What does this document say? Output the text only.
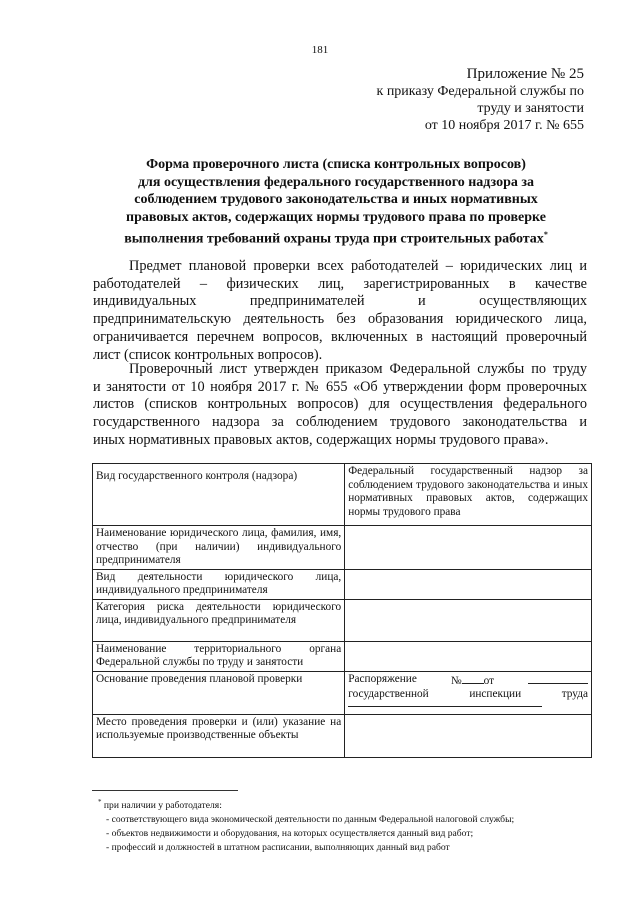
181
Приложение № 25
к приказу Федеральной службы по
труду и занятости
от 10 ноября 2017 г. № 655
Форма проверочного листа (списка контрольных вопросов)
для осуществления федерального государственного надзора за
соблюдением трудового законодательства и иных нормативных
правовых актов, содержащих нормы трудового права по проверке
выполнения требований охраны труда при строительных работах*
Предмет плановой проверки всех работодателей – юридических лиц и
работодателей – физических лиц, зарегистрированных в качестве
индивидуальных предпринимателей и осуществляющих
предпринимательскую деятельность без образования юридического лица,
ограничивается перечнем вопросов, включенных в настоящий проверочный
лист (список контрольных вопросов).
Проверочный лист утвержден приказом Федеральной службы по труду
и занятости от 10 ноября 2017 г. № 655 «Об утверждении форм проверочных
листов (списков контрольных вопросов) для осуществления федерального
государственного надзора за соблюдением трудового законодательства и
иных нормативных правовых актов, содержащих нормы трудового права».
Вид государственного контроля (надзора)	Федеральный государственный надзор за соблюдением трудового законодательства и иных нормативных правовых актов, содержащих нормы трудового права
Наименование юридического лица, фамилия, имя, отчество (при наличии) индивидуального предпринимателя	
Вид деятельности юридического лица, индивидуального предпринимателя	
Категория риска деятельности юридического лица, индивидуального предпринимателя	
Наименование территориального органа Федеральной службы по труду и занятости	
Основание проведения плановой проверки	Распоряжение № от
государственной инспекции труда

Место проведения проверки и (или) указание на используемые производственные объекты	
* при наличии у работодателя:
- соответствующего вида экономической деятельности по данным Федеральной налоговой службы;
- объектов недвижимости и оборудования, на которых осуществляется данный вид работ;
- профессий и должностей в штатном расписании, выполняющих данный вид работ
